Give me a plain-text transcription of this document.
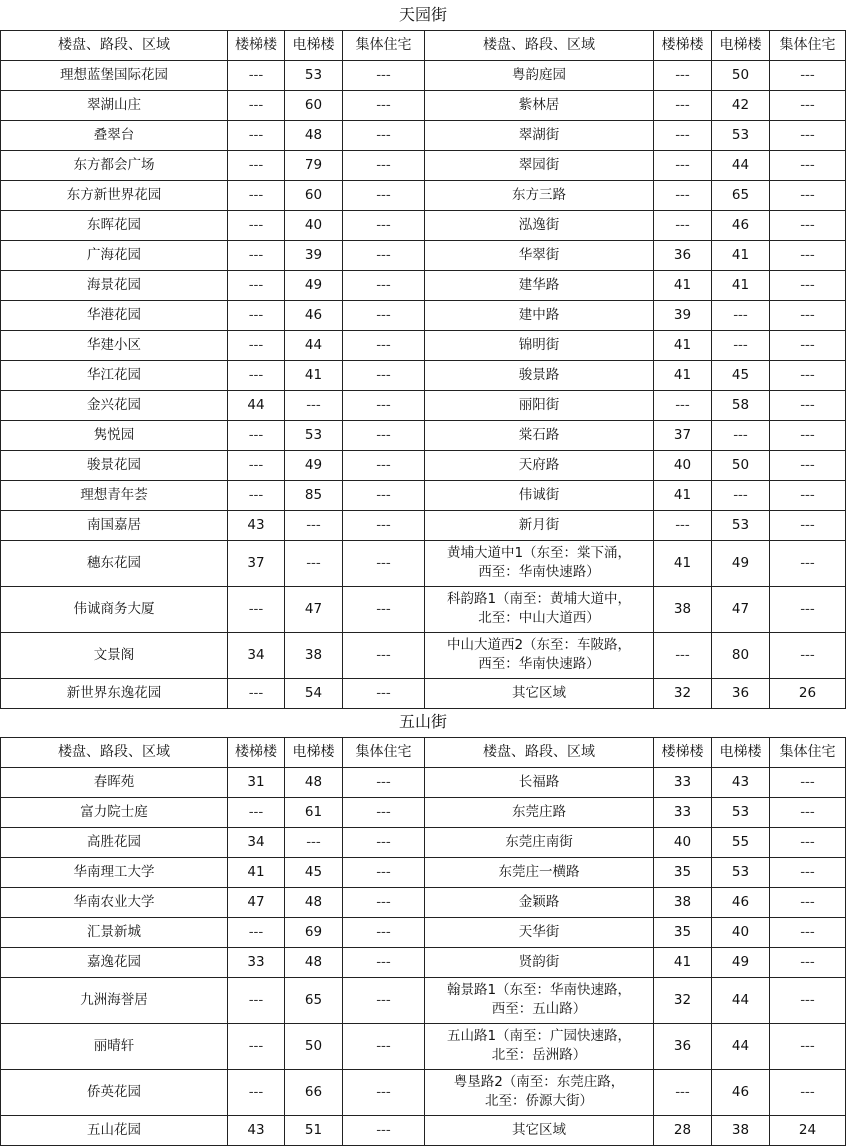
天园街							
楼盘、路段、区域	楼梯楼	电梯楼	集体住宅	楼盘、路段、区域	楼梯楼	电梯楼	集体住宅
理想蓝堡国际花园	---	53	---	粤韵庭园	---	50	---
翠湖山庄	---	60	---	紫林居	---	42	---
叠翠台	---	48	---	翠湖街	---	53	---
东方都会广场	---	79	---	翠园街	---	44	---
东方新世界花园	---	60	---	东方三路	---	65	---
东晖花园	---	40	---	泓逸街	---	46	---
广海花园	---	39	---	华翠街	36	41	---
海景花园	---	49	---	建华路	41	41	---
华港花园	---	46	---	建中路	39	---	---
华建小区	---	44	---	锦明街	41	---	---
华江花园	---	41	---	骏景路	41	45	---
金兴花园	44	---	---	丽阳街	---	58	---
隽悦园	---	53	---	棠石路	37	---	---
骏景花园	---	49	---	天府路	40	50	---
理想青年荟	---	85	---	伟诚街	41	---	---
南国嘉居	43	---	---	新月街	---	53	---
穗东花园	37	---	---	黄埔大道中1（东至：棠下涌，
西至：华南快速路）	41	49	---
伟诚商务大厦	---	47	---	科韵路1（南至：黄埔大道中，
北至：中山大道西）	38	47	---
文景阁	34	38	---	中山大道西2（东至：车陂路，
西至：华南快速路）	---	80	---
新世界东逸花园	---	54	---	其它区域	32	36	26
五山街							
楼盘、路段、区域	楼梯楼	电梯楼	集体住宅	楼盘、路段、区域	楼梯楼	电梯楼	集体住宅
春晖苑	31	48	---	长福路	33	43	---
富力院士庭	---	61	---	东莞庄路	33	53	---
高胜花园	34	---	---	东莞庄南街	40	55	---
华南理工大学	41	45	---	东莞庄一横路	35	53	---
华南农业大学	47	48	---	金颖路	38	46	---
汇景新城	---	69	---	天华街	35	40	---
嘉逸花园	33	48	---	贤韵街	41	49	---
九洲海誉居	---	65	---	翰景路1（东至：华南快速路，
西至：五山路）	32	44	---
丽晴轩	---	50	---	五山路1（南至：广园快速路，
北至：岳洲路）	36	44	---
侨英花园	---	66	---	粤垦路2（南至：东莞庄路，
北至：侨源大街）	---	46	---
五山花园	43	51	---	其它区域	28	38	24
